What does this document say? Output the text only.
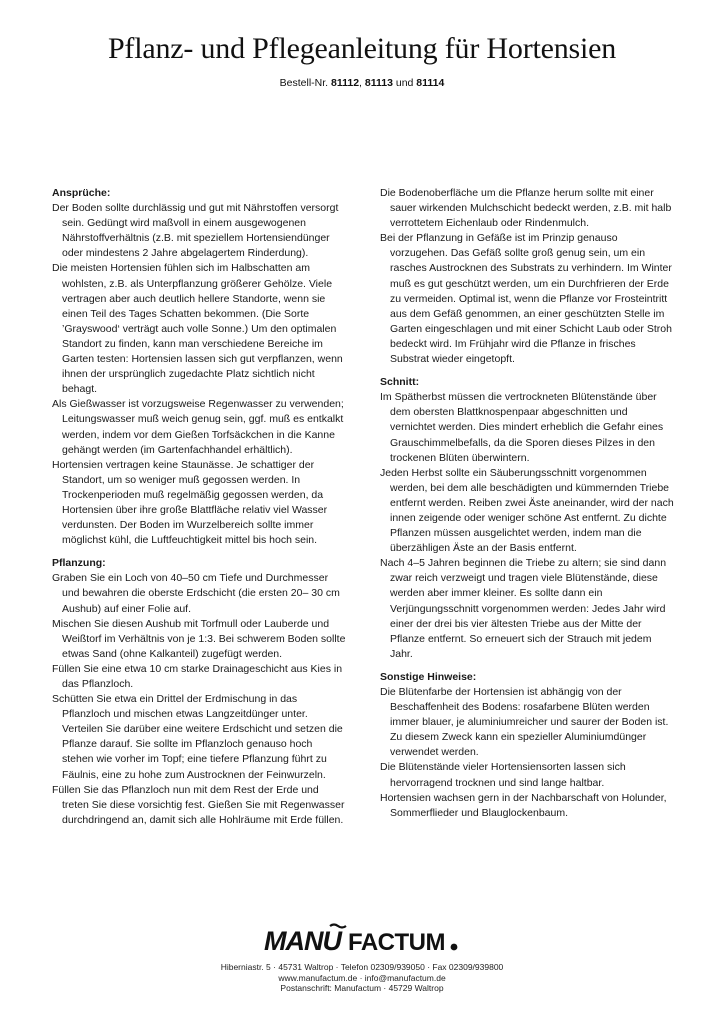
Pflanz- und Pflegeanleitung für Hortensien
Bestell-Nr. 81112, 81113 und 81114
Ansprüche:

Der Boden sollte durchlässig und gut mit Nährstoffen versorgt sein. Gedüngt wird maßvoll in einem ausgewogenen Nährstoffverhältnis (z.B. mit speziellem Hortensiendünger oder mindestens 2 Jahre abgelagertem Rinderdung).

Die meisten Hortensien fühlen sich im Halbschatten am wohlsten, z.B. als Unterpflanzung größerer Gehölze. Viele vertragen aber auch deutlich hellere Standorte, wenn sie einen Teil des Tages Schatten bekommen. (Die Sorte ’Grayswood‘ verträgt auch volle Sonne.) Um den optimalen Standort zu finden, kann man verschiedene Bereiche im Garten testen: Hortensien lassen sich gut verpflanzen, wenn ihnen der ursprünglich zugedachte Platz sichtlich nicht behagt.

Als Gießwasser ist vorzugsweise Regenwasser zu verwenden; Leitungswasser muß weich genug sein, ggf. muß es entkalkt werden, indem vor dem Gießen Torfsäckchen in die Kanne gehängt werden (im Gartenfachhandel erhältlich).

Hortensien vertragen keine Staunässe. Je schattiger der Standort, um so weniger muß gegossen werden. In Trockenperioden muß regelmäßig gegossen werden, da Hortensien über ihre große Blattfläche relativ viel Wasser verdunsten. Der Boden im Wurzelbereich sollte immer möglichst kühl, die Luftfeuchtigkeit mittel bis hoch sein.

Pflanzung:

Graben Sie ein Loch von 40–50 cm Tiefe und Durchmesser und bewahren die oberste Erdschicht (die ersten 20– 30 cm Aushub) auf einer Folie auf.

Mischen Sie diesen Aushub mit Torfmull oder Lauberde und Weißtorf im Verhältnis von je 1:3. Bei schwerem Boden sollte etwas Sand (ohne Kalkanteil) zugefügt werden.

Füllen Sie eine etwa 10 cm starke Drainageschicht aus Kies in das Pflanzloch.

Schütten Sie etwa ein Drittel der Erdmischung in das Pflanzloch und mischen etwas Langzeitdünger unter. Verteilen Sie darüber eine weitere Erdschicht und setzen die Pflanze darauf. Sie sollte im Pflanzloch genauso hoch stehen wie vorher im Topf; eine tiefere Pflanzung führt zu Fäulnis, eine zu hohe zum Austrocknen der Feinwurzeln.

Füllen Sie das Pflanzloch nun mit dem Rest der Erde und treten Sie diese vorsichtig fest. Gießen Sie mit Regenwasser durchdringend an, damit sich alle Hohlräume mit Erde füllen.

Die Bodenoberfläche um die Pflanze herum sollte mit einer sauer wirkenden Mulchschicht bedeckt werden, z.B. mit halb verrottetem Eichenlaub oder Rindenmulch.

Bei der Pflanzung in Gefäße ist im Prinzip genauso vorzugehen. Das Gefäß sollte groß genug sein, um ein rasches Austrocknen des Substrats zu verhindern. Im Winter muß es gut geschützt werden, um ein Durchfrieren der Erde zu vermeiden. Optimal ist, wenn die Pflanze vor Frosteintritt aus dem Gefäß genommen, an einer geschützten Stelle im Garten eingeschlagen und mit einer Schicht Laub oder Stroh bedeckt wird. Im Frühjahr wird die Pflanze in frisches Substrat wieder eingetopft.

Schnitt:

Im Spätherbst müssen die vertrockneten Blütenstände über dem obersten Blattknospenpaar abgeschnitten und vernichtet werden. Dies mindert erheblich die Gefahr eines Grauschimmelbefalls, da die Sporen dieses Pilzes in den trockenen Blüten überwintern.

Jeden Herbst sollte ein Säuberungsschnitt vorgenommen werden, bei dem alle beschädigten und kümmernden Triebe entfernt werden. Reiben zwei Äste aneinander, wird der nach innen zeigende oder weniger schöne Ast entfernt. Zu dichte Pflanzen müssen ausgelichtet werden, indem man die überzähligen Äste an der Basis entfernt.

Nach 4–5 Jahren beginnen die Triebe zu altern; sie sind dann zwar reich verzweigt und tragen viele Blütenstände, diese werden aber immer kleiner. Es sollte dann ein Verjüngungsschnitt vorgenommen werden: Jedes Jahr wird einer der drei bis vier ältesten Triebe aus der Mitte der Pflanze entfernt. So erneuert sich der Strauch mit jedem Jahr.

Sonstige Hinweise:

Die Blütenfarbe der Hortensien ist abhängig von der Beschaffenheit des Bodens: rosafarbene Blüten werden immer blauer, je aluminiumreicher und saurer der Boden ist. Zu diesem Zweck kann ein spezieller Aluminiumdünger verwendet werden.

Die Blütenstände vieler Hortensiensorten lassen sich hervorragend trocknen und sind lange haltbar.

Hortensien wachsen gern in der Nachbarschaft von Holunder, Sommerflieder und Blauglockenbaum.

MANU FACTUM
Hiberniastr. 5 · 45731 Waltrop · Telefon 02309/939050 · Fax 02309/939800
www.manufactum.de · info@manufactum.de
Postanschrift: Manufactum · 45729 Waltrop
